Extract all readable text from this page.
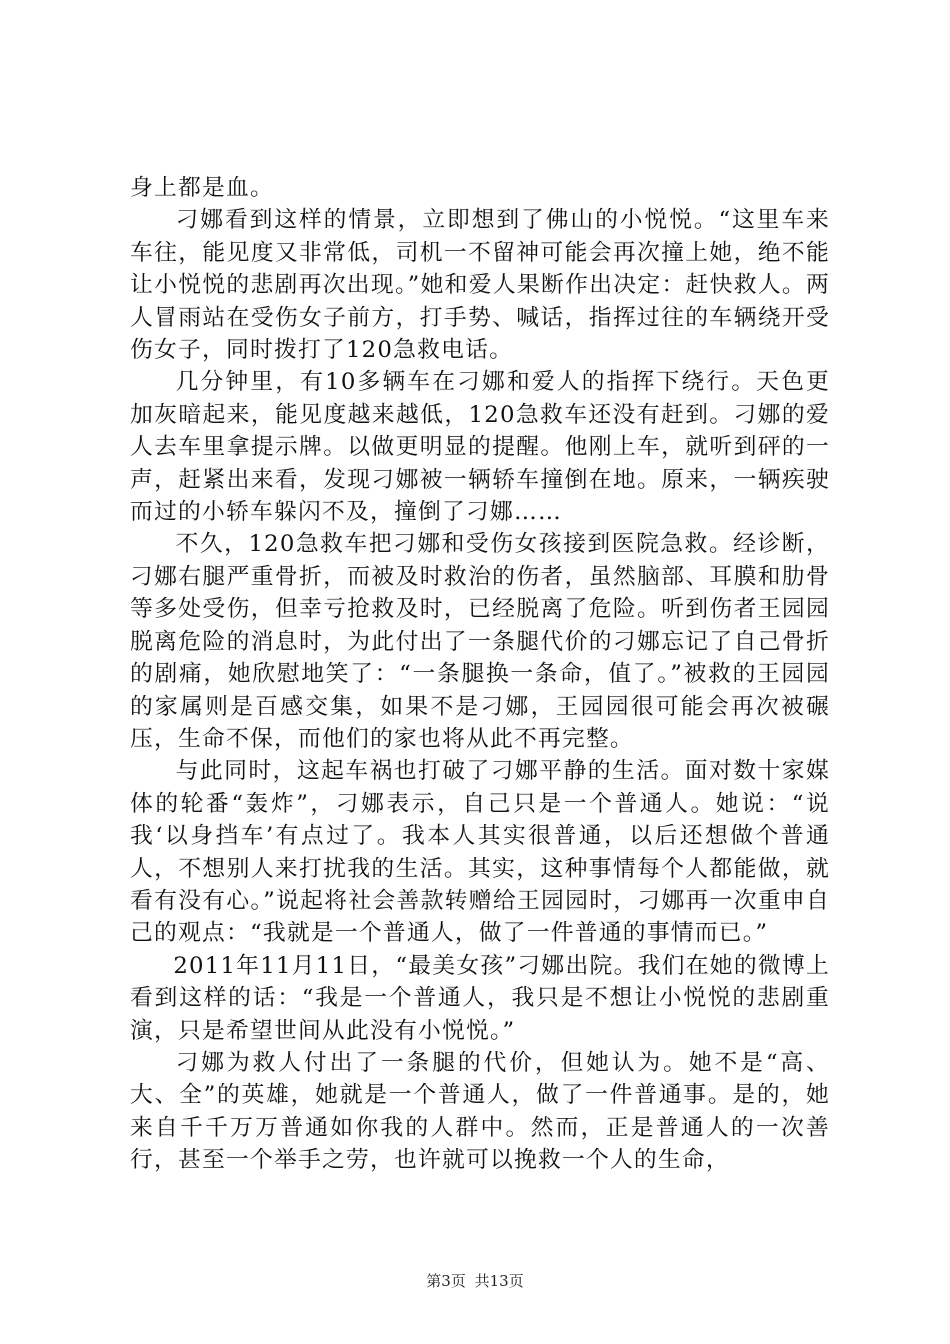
身上都是血。

刁娜看到这样的情景，立即想到了佛山的小悦悦。“这里车来车往，能见度又非常低，司机一不留神可能会再次撞上她，绝不能让小悦悦的悲剧再次出现。”她和爱人果断作出决定：赶快救人。两人冒雨站在受伤女子前方，打手势、喊话，指挥过往的车辆绕开受伤女子，同时拨打了120急救电话。

几分钟里，有10多辆车在刁娜和爱人的指挥下绕行。天色更加灰暗起来，能见度越来越低，120急救车还没有赶到。刁娜的爱人去车里拿提示牌。以做更明显的提醒。他刚上车，就听到砰的一声，赶紧出来看，发现刁娜被一辆轿车撞倒在地。原来，一辆疾驶而过的小轿车躲闪不及，撞倒了刁娜……

不久，120急救车把刁娜和受伤女孩接到医院急救。经诊断，刁娜右腿严重骨折，而被及时救治的伤者，虽然脑部、耳膜和肋骨等多处受伤，但幸亏抢救及时，已经脱离了危险。听到伤者王园园脱离危险的消息时，为此付出了一条腿代价的刁娜忘记了自己骨折的剧痛，她欣慰地笑了：“一条腿换一条命，值了。”被救的王园园的家属则是百感交集，如果不是刁娜，王园园很可能会再次被碾压，生命不保，而他们的家也将从此不再完整。

与此同时，这起车祸也打破了刁娜平静的生活。面对数十家媒体的轮番“轰炸”，刁娜表示，自己只是一个普通人。她说：“说我‘以身挡车’有点过了。我本人其实很普通，以后还想做个普通人，不想别人来打扰我的生活。其实，这种事情每个人都能做，就看有没有心。”说起将社会善款转赠给王园园时，刁娜再一次重申自己的观点：“我就是一个普通人，做了一件普通的事情而已。”

2011年11月11日，“最美女孩”刁娜出院。我们在她的微博上看到这样的话：“我是一个普通人，我只是不想让小悦悦的悲剧重演，只是希望世间从此没有小悦悦。”

刁娜为救人付出了一条腿的代价，但她认为。她不是“高、大、全”的英雄，她就是一个普通人，做了一件普通事。是的，她来自千千万万普通如你我的人群中。然而，正是普通人的一次善行，甚至一个举手之劳，也许就可以挽救一个人的生命，

第3页 共13页
